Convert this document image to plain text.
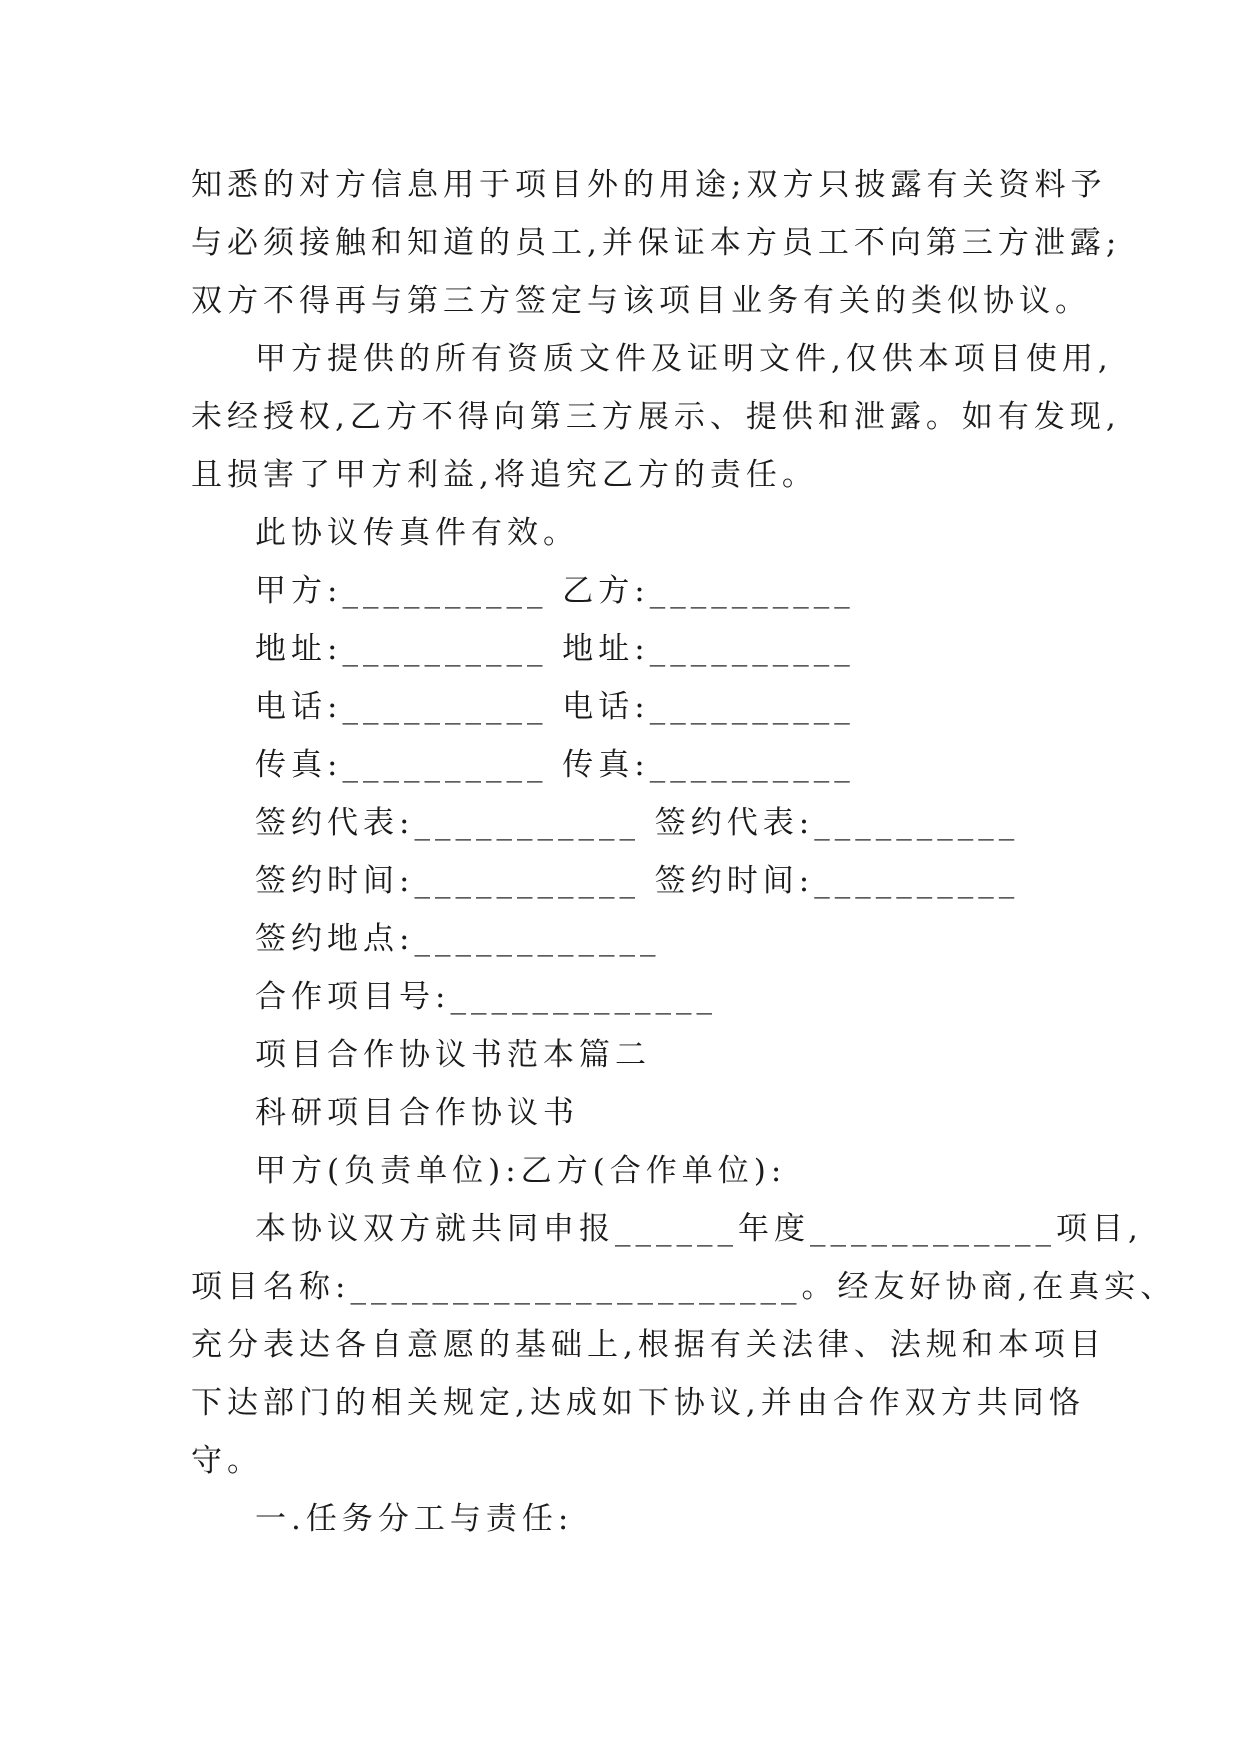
知悉的对方信息用于项目外的用途;双方只披露有关资料予
与必须接触和知道的员工,并保证本方员工不向第三方泄露;
双方不得再与第三方签定与该项目业务有关的类似协议。
甲方提供的所有资质文件及证明文件,仅供本项目使用,
未经授权,乙方不得向第三方展示、提供和泄露。如有发现,
且损害了甲方利益,将追究乙方的责任。
此协议传真件有效。
甲方:__________ 乙方:__________
地址:__________ 地址:__________
电话:__________ 电话:__________
传真:__________ 传真:__________
签约代表:___________ 签约代表:__________
签约时间:___________ 签约时间:__________
签约地点:____________
合作项目号:_____________
项目合作协议书范本篇二
科研项目合作协议书
甲方(负责单位):乙方(合作单位):
本协议双方就共同申报______年度____________项目,
项目名称:______________________。经友好协商,在真实、
充分表达各自意愿的基础上,根据有关法律、法规和本项目
下达部门的相关规定,达成如下协议,并由合作双方共同恪
守。
一.任务分工与责任:
